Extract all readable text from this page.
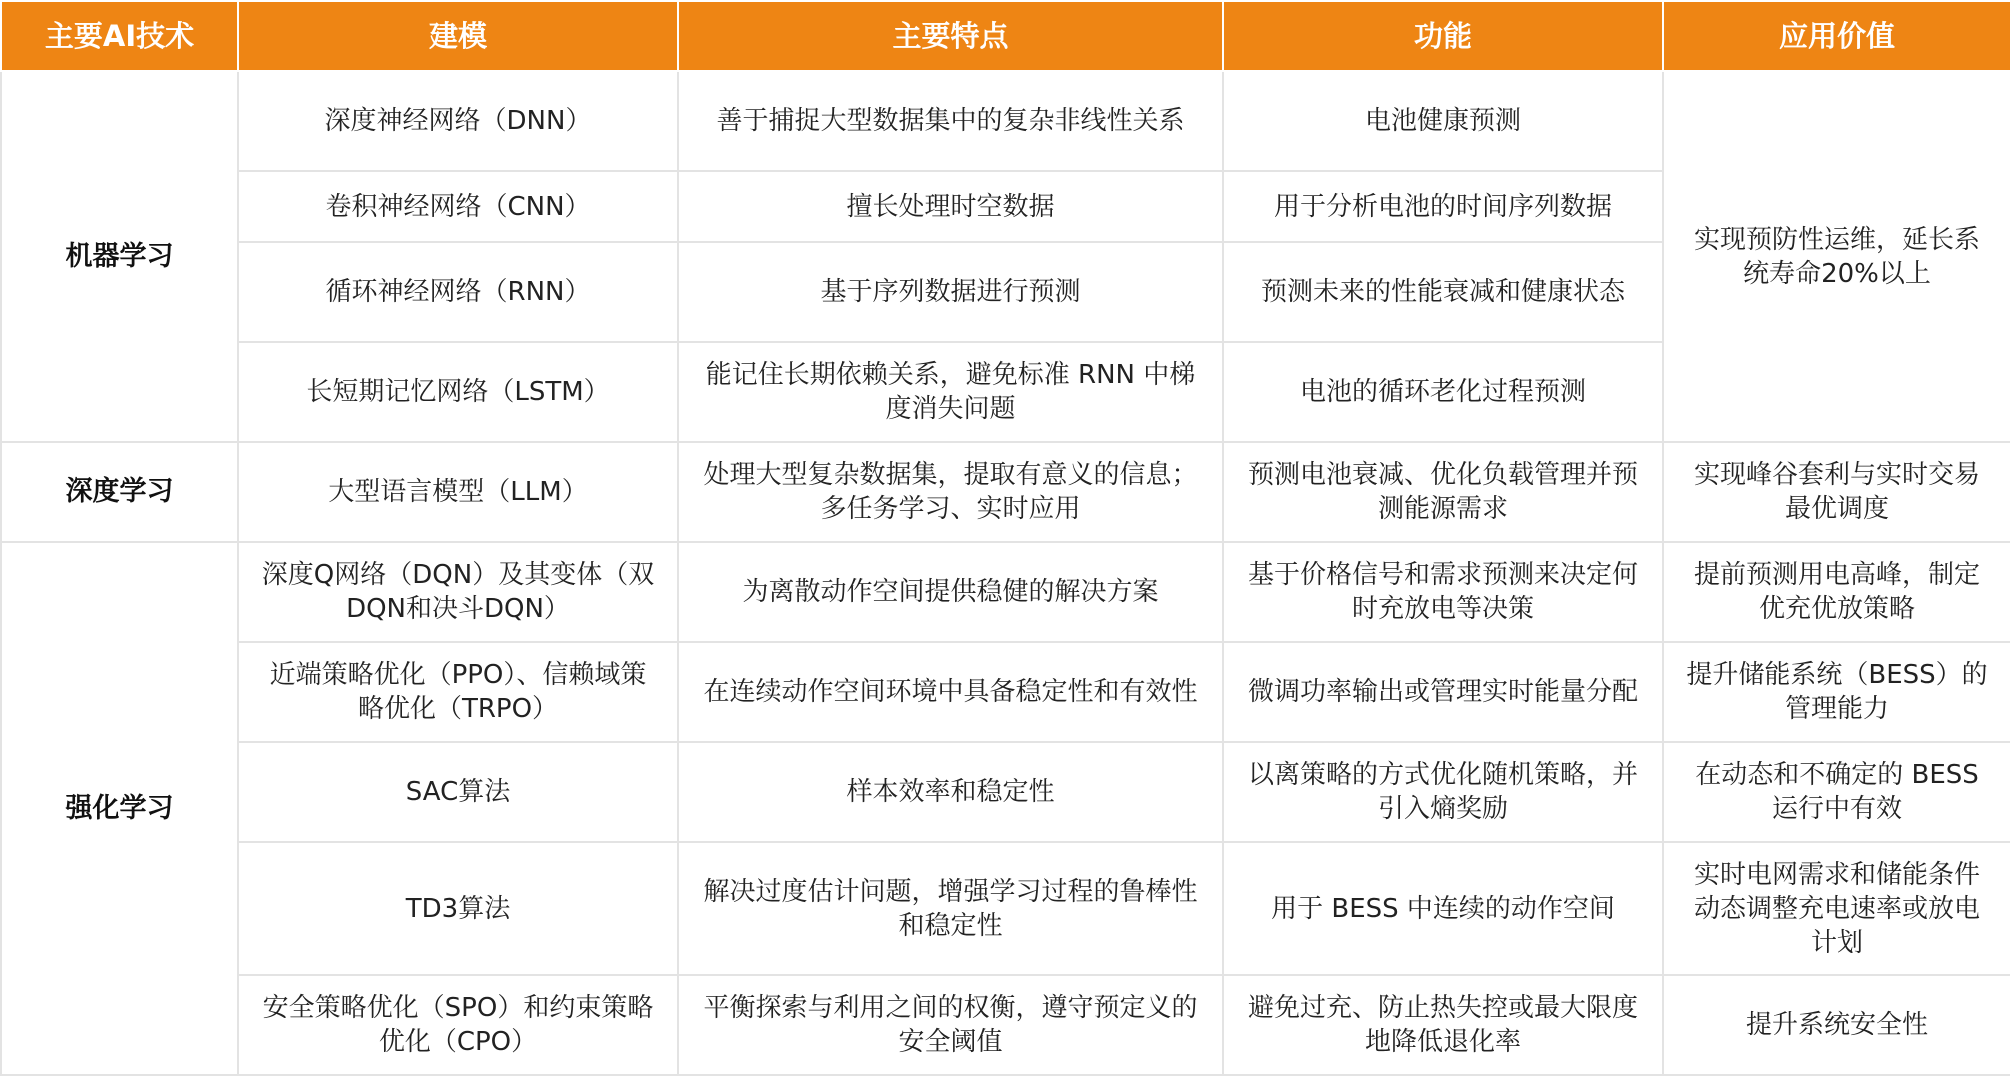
主要AI技术	建模	主要特点	功能	应用价值
机器学习	深度神经网络（DNN）	善于捕捉大型数据集中的复杂非线性关系	电池健康预测	实现预防性运维，延长系统寿命20%以上
	卷积神经网络（CNN）	擅长处理时空数据	用于分析电池的时间序列数据	
	循环神经网络（RNN）	基于序列数据进行预测	预测未来的性能衰减和健康状态	
	长短期记忆网络（LSTM）	能记住长期依赖关系，避免标准 RNN 中梯度消失问题	电池的循环老化过程预测	
深度学习	大型语言模型（LLM）	处理大型复杂数据集，提取有意义的信息；多任务学习、实时应用	预测电池衰减、优化负载管理并预测能源需求	实现峰谷套利与实时交易最优调度
强化学习	深度Q网络（DQN）及其变体（双DQN和决斗DQN）	为离散动作空间提供稳健的解决方案	基于价格信号和需求预测来决定何时充放电等决策	提前预测用电高峰，制定优充优放策略
	近端策略优化（PPO）、信赖域策略优化（TRPO）	在连续动作空间环境中具备稳定性和有效性	微调功率输出或管理实时能量分配	提升储能系统（BESS）的管理能力
	SAC算法	样本效率和稳定性	以离策略的方式优化随机策略，并引入熵奖励	在动态和不确定的 BESS 运行中有效
	TD3算法	解决过度估计问题，增强学习过程的鲁棒性和稳定性	用于 BESS 中连续的动作空间	实时电网需求和储能条件动态调整充电速率或放电计划
	安全策略优化（SPO）和约束策略优化（CPO）	平衡探索与利用之间的权衡，遵守预定义的安全阈值	避免过充、防止热失控或最大限度地降低退化率	提升系统安全性
